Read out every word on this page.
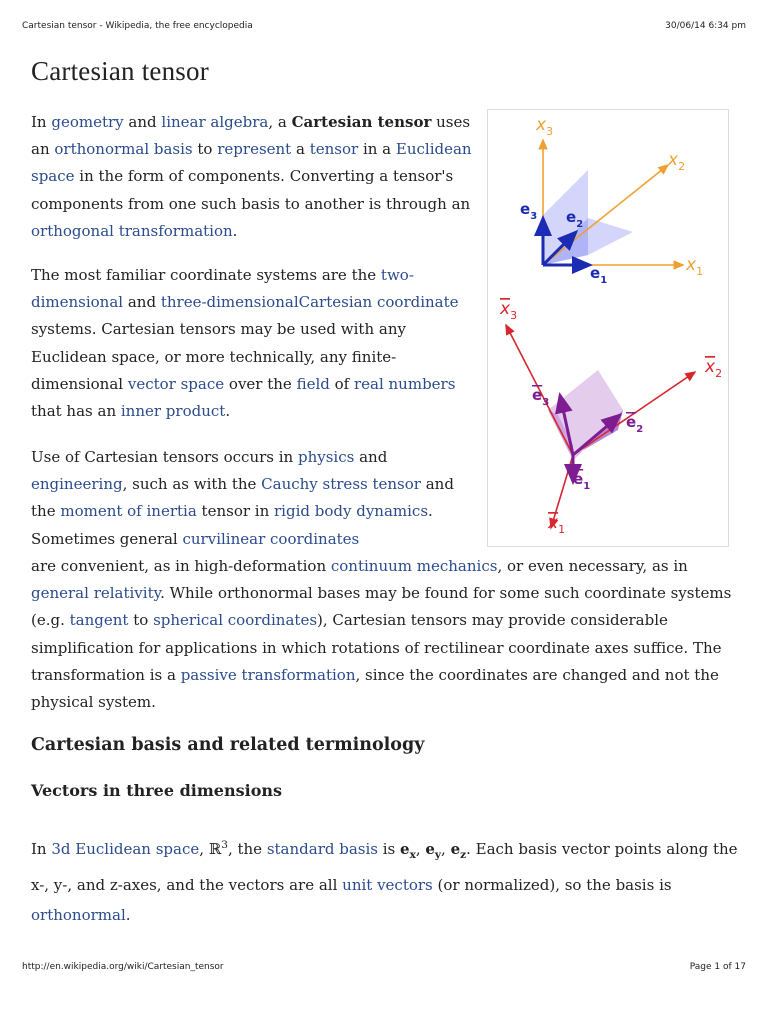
Cartesian tensor - Wikipedia, the free encyclopedia	30/06/14 6:34 pm
Cartesian tensor

In geometry and linear algebra, a Cartesian tensor uses an orthonormal basis to represent a tensor in a Euclidean space in the form of components. Converting a tensor's components from one such basis to another is through an orthogonal transformation.

The most familiar coordinate systems are the two-dimensional and three-dimensionalCartesian coordinate systems. Cartesian tensors may be used with any Euclidean space, or more technically, any finite-dimensional vector space over the field of real numbers that has an inner product.

Use of Cartesian tensors occurs in physics and engineering, such as with the Cauchy stress tensor and the moment of inertia tensor in rigid body dynamics. Sometimes general curvilinear coordinates

are convenient, as in high-deformation continuum mechanics, or even necessary, as in general relativity. While orthonormal bases may be found for some such coordinate systems (e.g. tangent to spherical coordinates), Cartesian tensors may provide considerable simplification for applications in which rotations of rectilinear coordinate axes suffice. The transformation is a passive transformation, since the coordinates are changed and not the physical system.

Cartesian basis and related terminology
Vectors in three dimensions

In 3d Euclidean space, ℝ$^3$, the standard basis is $e_x$, $e_y$, $e_z$. Each basis vector points along the x-, y-, and z-axes, and the vectors are all unit vectors (or normalized), so the basis is orthonormal.

$x_3$
$x_2$
$x_1$
$e_3$ $e_2$
$e_1$
$x_3$
$x_2$
$x_1$
$e_3$
$e_2$
$e_1$
http://en.wikipedia.org/wiki/Cartesian_tensor	Page 1 of 17
